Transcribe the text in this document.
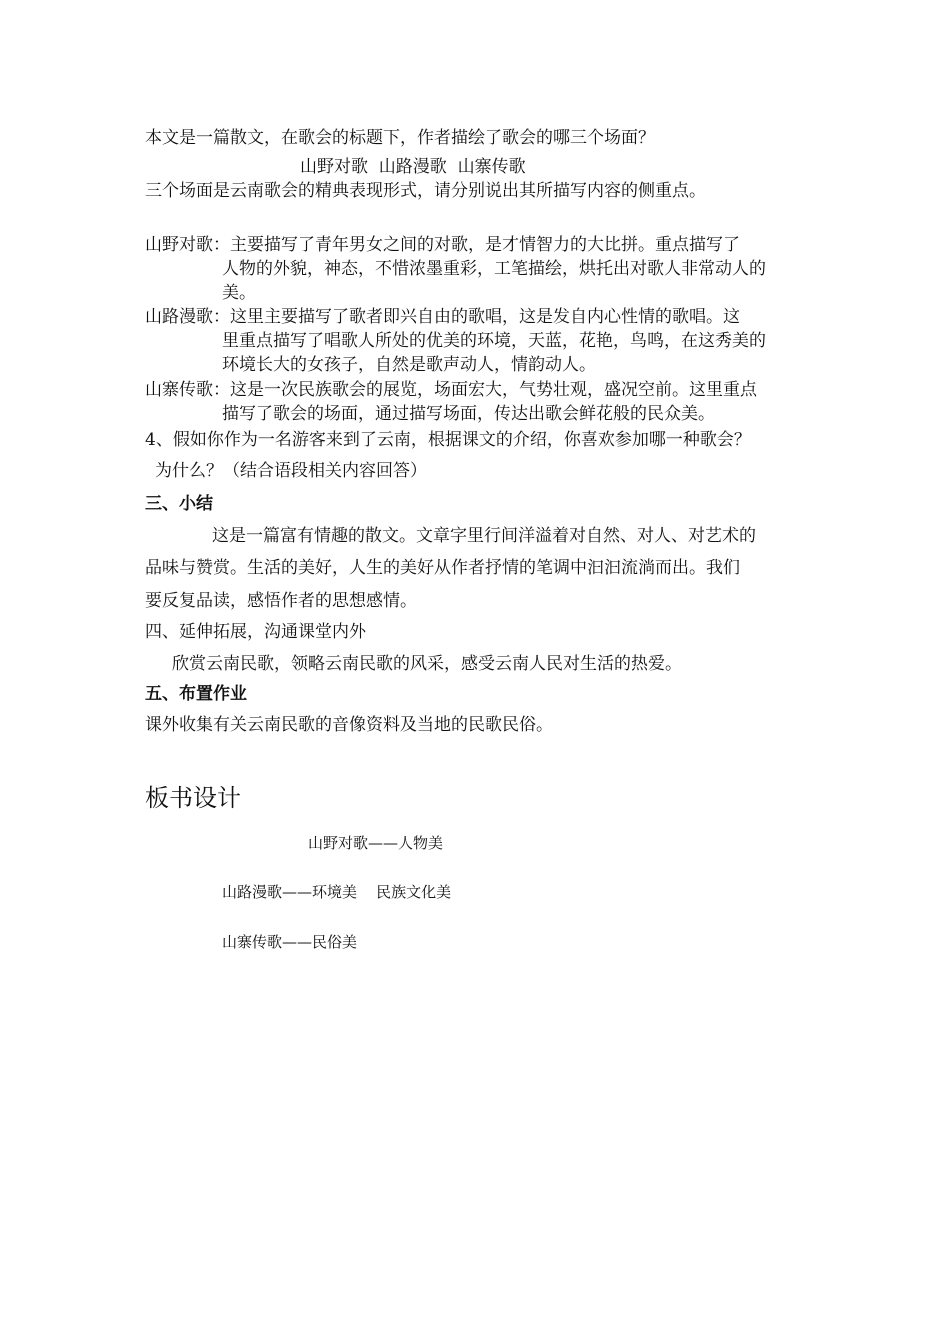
本文是一篇散文，在歌会的标题下，作者描绘了歌会的哪三个场面？
山野对歌  山路漫歌  山寨传歌
三个场面是云南歌会的精典表现形式，请分别说出其所描写内容的侧重点。
山野对歌：主要描写了青年男女之间的对歌，是才情智力的大比拼。重点描写了
人物的外貌，神态，不惜浓墨重彩，工笔描绘，烘托出对歌人非常动人的
美。
山路漫歌：这里主要描写了歌者即兴自由的歌唱，这是发自内心性情的歌唱。这
里重点描写了唱歌人所处的优美的环境，天蓝，花艳，鸟鸣，在这秀美的
环境长大的女孩子，自然是歌声动人，情韵动人。
山寨传歌：这是一次民族歌会的展览，场面宏大，气势壮观，盛况空前。这里重点
描写了歌会的场面，通过描写场面，传达出歌会鲜花般的民众美。
4、假如你作为一名游客来到了云南，根据课文的介绍，你喜欢参加哪一种歌会？
为什么？（结合语段相关内容回答）
三、小结
这是一篇富有情趣的散文。文章字里行间洋溢着对自然、对人、对艺术的
品味与赞赏。生活的美好，人生的美好从作者抒情的笔调中汩汩流淌而出。我们
要反复品读，感悟作者的思想感情。
四、延伸拓展，沟通课堂内外
欣赏云南民歌，领略云南民歌的风采，感受云南人民对生活的热爱。
五、布置作业
课外收集有关云南民歌的音像资料及当地的民歌民俗。
板书设计
山野对歌——人物美
山路漫歌——环境美    民族文化美
山寨传歌——民俗美
